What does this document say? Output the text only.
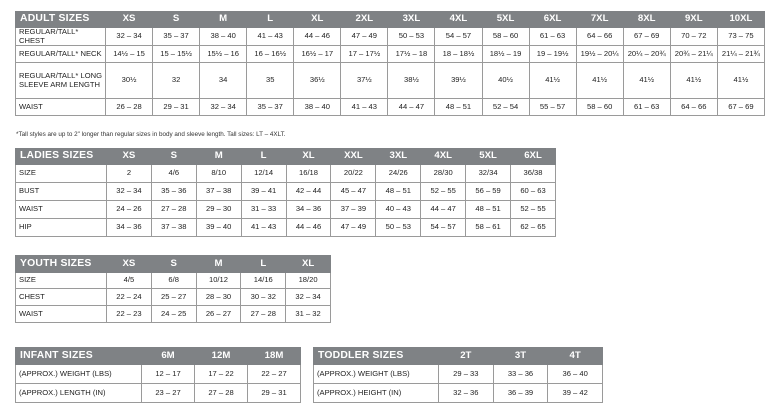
ADULT SIZES	XS	S	M	L	XL	2XL	3XL	4XL	5XL	6XL	7XL	8XL	9XL	10XL
REGULAR/TALL* CHEST	32 – 34	35 – 37	38 – 40	41 – 43	44 – 46	47 – 49	50 – 53	54 – 57	58 – 60	61 – 63	64 – 66	67 – 69	70 – 72	73 – 75
REGULAR/TALL* NECK	14½ – 15	15 – 15½	15½ – 16	16 – 16½	16½ – 17	17 – 17½	17½ – 18	18 – 18½	18½ – 19	19 – 19½	19½ – 20¼	20¼ – 20¾	20¾ – 21¼	21¼ – 21¾
REGULAR/TALL* LONG SLEEVE ARM LENGTH	30½	32	34	35	36½	37½	38½	39½	40½	41½	41½	41½	41½	41½
WAIST	26 – 28	29 – 31	32 – 34	35 – 37	38 – 40	41 – 43	44 – 47	48 – 51	52 – 54	55 – 57	58 – 60	61 – 63	64 – 66	67 – 69
*Tall styles are up to 2" longer than regular sizes in body and sleeve length. Tall sizes: LT – 4XLT.
LADIES SIZES	XS	S	M	L	XL	XXL	3XL	4XL	5XL	6XL
SIZE	2	4/6	8/10	12/14	16/18	20/22	24/26	28/30	32/34	36/38
BUST	32 – 34	35 – 36	37 – 38	39 – 41	42 – 44	45 – 47	48 – 51	52 – 55	56 – 59	60 – 63
WAIST	24 – 26	27 – 28	29 – 30	31 – 33	34 – 36	37 – 39	40 – 43	44 – 47	48 – 51	52 – 55
HIP	34 – 36	37 – 38	39 – 40	41 – 43	44 – 46	47 – 49	50 – 53	54 – 57	58 – 61	62 – 65
YOUTH SIZES	XS	S	M	L	XL
SIZE	4/5	6/8	10/12	14/16	18/20
CHEST	22 – 24	25 – 27	28 – 30	30 – 32	32 – 34
WAIST	22 – 23	24 – 25	26 – 27	27 – 28	31 – 32
INFANT SIZES	6M	12M	18M
(APPROX.) WEIGHT (LBS)	12 – 17	17 – 22	22 – 27
(APPROX.) LENGTH (IN)	23 – 27	27 – 28	29 – 31
TODDLER SIZES	2T	3T	4T
(APPROX.) WEIGHT (LBS)	29 – 33	33 – 36	36 – 40
(APPROX.) HEIGHT (IN)	32 – 36	36 – 39	39 – 42
